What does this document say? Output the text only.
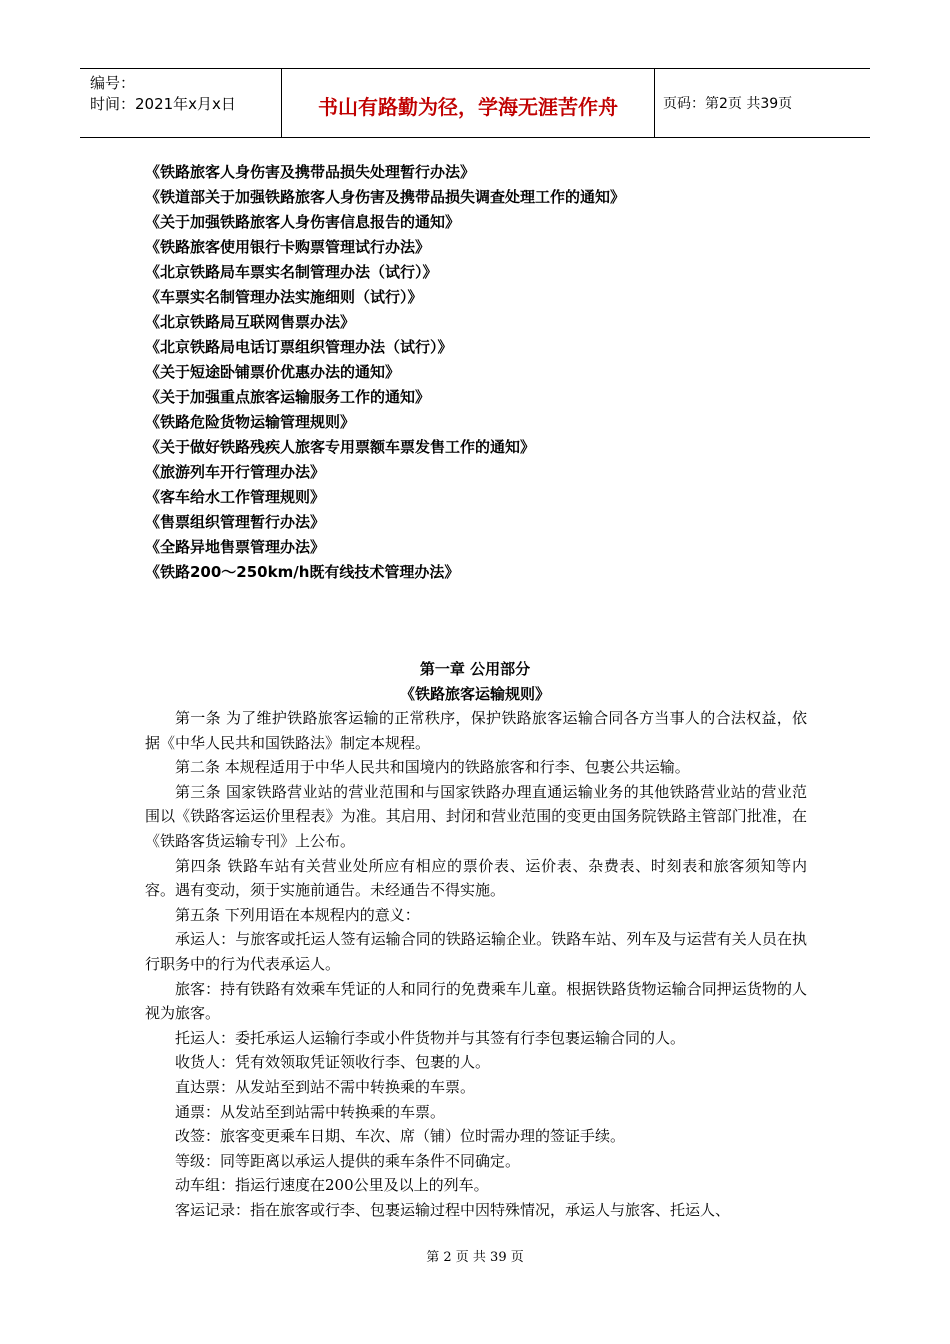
编号：
时间：2021年x月x日	书山有路勤为径，学海无涯苦作舟	页码：第2页 共39页
《铁路旅客人身伤害及携带品损失处理暂行办法》
《铁道部关于加强铁路旅客人身伤害及携带品损失调查处理工作的通知》
《关于加强铁路旅客人身伤害信息报告的通知》
《铁路旅客使用银行卡购票管理试行办法》
《北京铁路局车票实名制管理办法（试行）》
《车票实名制管理办法实施细则（试行）》
《北京铁路局互联网售票办法》
《北京铁路局电话订票组织管理办法（试行）》
《关于短途卧铺票价优惠办法的通知》
《关于加强重点旅客运输服务工作的通知》
《铁路危险货物运输管理规则》
《关于做好铁路残疾人旅客专用票额车票发售工作的通知》
《旅游列车开行管理办法》
《客车给水工作管理规则》
《售票组织管理暂行办法》
《全路异地售票管理办法》
《铁路200～250km/h既有线技术管理办法》
第一章 公用部分
《铁路旅客运输规则》

第一条 为了维护铁路旅客运输的正常秩序，保护铁路旅客运输合同各方当事人的合法权益，依据《中华人民共和国铁路法》制定本规程。

第二条 本规程适用于中华人民共和国境内的铁路旅客和行李、包裹公共运输。

第三条 国家铁路营业站的营业范围和与国家铁路办理直通运输业务的其他铁路营业站的营业范围以《铁路客运运价里程表》为准。其启用、封闭和营业范围的变更由国务院铁路主管部门批准，在《铁路客货运输专刊》上公布。

第四条 铁路车站有关营业处所应有相应的票价表、运价表、杂费表、时刻表和旅客须知等内容。遇有变动，须于实施前通告。未经通告不得实施。

第五条 下列用语在本规程内的意义：

承运人：与旅客或托运人签有运输合同的铁路运输企业。铁路车站、列车及与运营有关人员在执行职务中的行为代表承运人。

旅客：持有铁路有效乘车凭证的人和同行的免费乘车儿童。根据铁路货物运输合同押运货物的人视为旅客。

托运人：委托承运人运输行李或小件货物并与其签有行李包裹运输合同的人。

收货人：凭有效领取凭证领收行李、包裹的人。

直达票：从发站至到站不需中转换乘的车票。

通票：从发站至到站需中转换乘的车票。

改签：旅客变更乘车日期、车次、席（铺）位时需办理的签证手续。

等级：同等距离以承运人提供的乘车条件不同确定。

动车组：指运行速度在200公里及以上的列车。

客运记录：指在旅客或行李、包裹运输过程中因特殊情况，承运人与旅客、托运人、

第 2 页 共 39 页
